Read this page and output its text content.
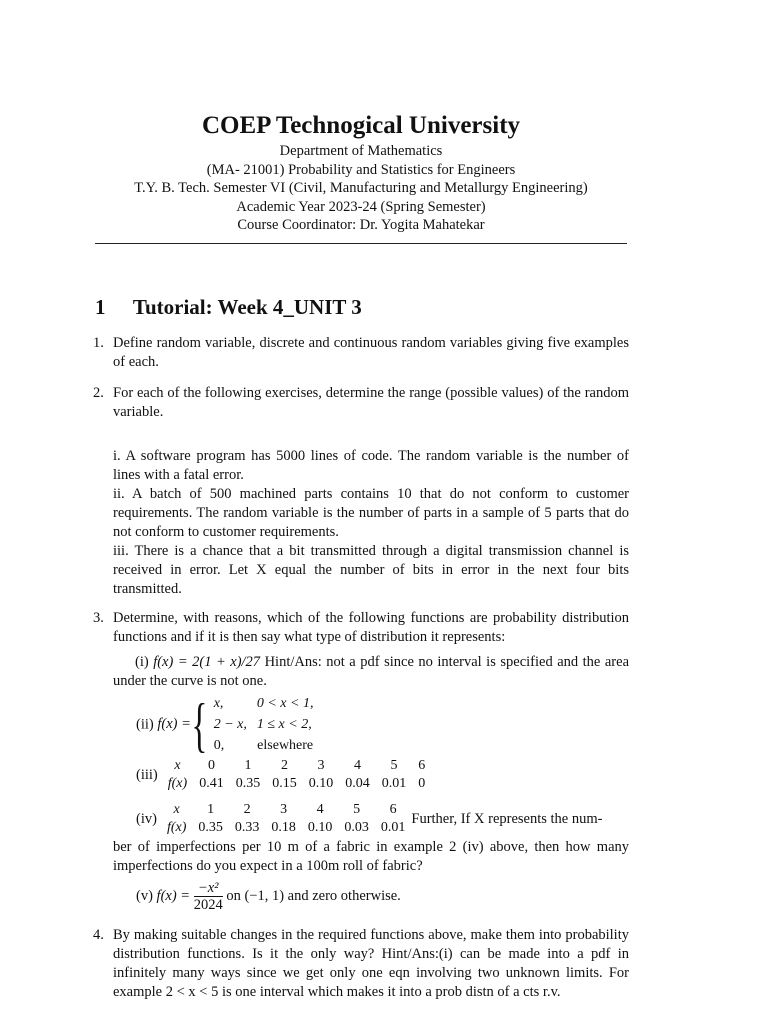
COEP Technogical University
Department of Mathematics
(MA- 21001) Probability and Statistics for Engineers
T.Y. B. Tech. Semester VI (Civil, Manufacturing and Metallurgy Engineering)
Academic Year 2023-24 (Spring Semester)
Course Coordinator: Dr. Yogita Mahatekar
1 Tutorial: Week 4_UNIT 3
1. Define random variable, discrete and continuous random variables giving five examples of each.
2. For each of the following exercises, determine the range (possible values) of the random variable.
i. A software program has 5000 lines of code. The random variable is the number of lines with a fatal error.
ii. A batch of 500 machined parts contains 10 that do not conform to customer requirements. The random variable is the number of parts in a sample of 5 parts that do not conform to customer requirements.
iii. There is a chance that a bit transmitted through a digital transmission channel is received in error. Let X equal the number of bits in error in the next four bits transmitted.
3. Determine, with reasons, which of the following functions are probability distribution functions and if it is then say what type of distribution it represents:
(i) f(x) = 2(1 + x)/27 Hint/Ans: not a pdf since no interval is specified and the area under the curve is not one.
(ii) f(x) = { x,	0 < x < 1,
2 − x,	1 ≤ x < 2,
0,	elsewhere
(iii)
x	0	1	2	3	4	5	6
f(x)	0.41	0.35	0.15	0.10	0.04	0.01	0
(iv)
x	1	2	3	4	5	6
f(x)	0.35	0.33	0.18	0.10	0.03	0.01
Further, If X represents the num-
ber of imperfections per 10 m of a fabric in example 2 (iv) above, then how many imperfections do you expect in a 100m roll of fabric?
(v)
f(x) =
$\frac{\text{−x²}}{2024}$
on (−1, 1) and zero otherwise.
4. By making suitable changes in the required functions above, make them into probability distribution functions. Is it the only way? Hint/Ans:(i) can be made into a pdf in infinitely many ways since we get only one eqn involving two unknown limits. For example 2 < x < 5 is one interval which makes it into a prob distn of a cts r.v.
